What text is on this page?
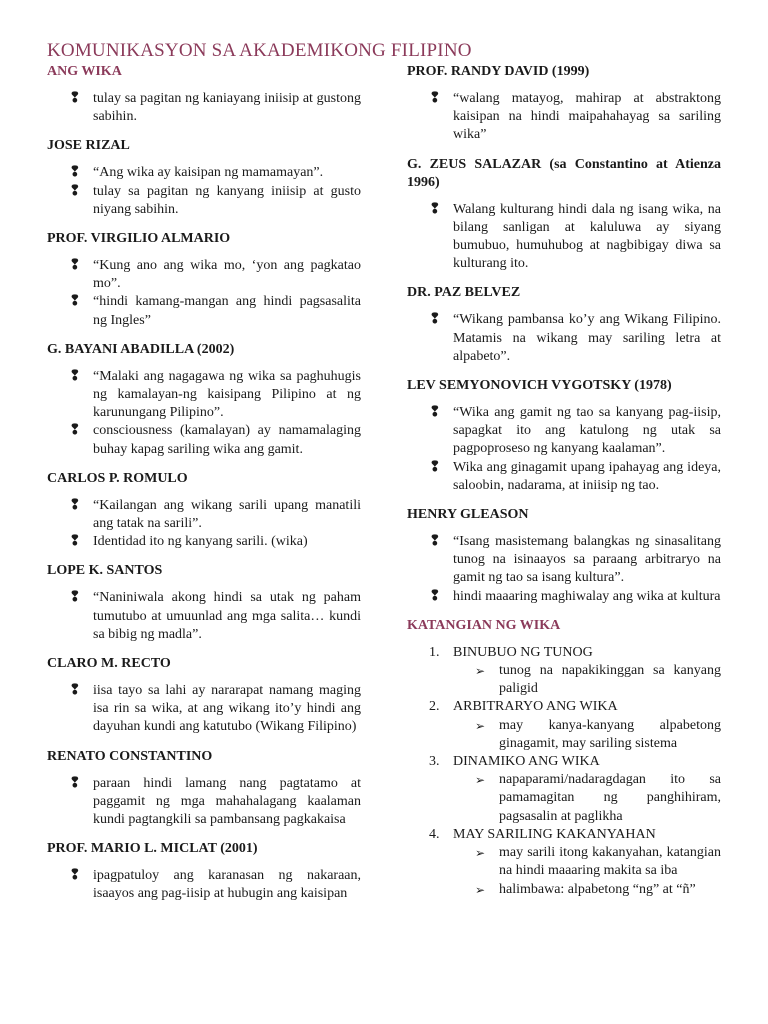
KOMUNIKASYON SA AKADEMIKONG FILIPINO
ANG WIKA
❢ tulay sa pagitan ng kaniayang iniisip at gustong sabihin.
JOSE RIZAL
❢ “Ang wika ay kaisipan ng mamamayan”.
❢ tulay sa pagitan ng kanyang iniisip at gusto niyang sabihin.
PROF. VIRGILIO ALMARIO
❢ “Kung ano ang wika mo, ‘yon ang pagkatao mo”.
❢ “hindi kamang-mangan ang hindi pagsasalita ng Ingles”
G. BAYANI ABADILLA (2002)
❢ “Malaki ang nagagawa ng wika sa paghuhugis ng kamalayan-ng kaisipang Pilipino at ng karunungang Pilipino”.
❢ consciousness (kamalayan) ay namamalaging buhay kapag sariling wika ang gamit.
CARLOS P. ROMULO
❢ “Kailangan ang wikang sarili upang manatili ang tatak na sarili”.
❢ Identidad ito ng kanyang sarili. (wika)
LOPE K. SANTOS
❢ “Naniniwala akong hindi sa utak ng paham tumutubo at umuunlad ang mga salita… kundi sa bibig ng madla”.
CLARO M. RECTO
❢ iisa tayo sa lahi ay nararapat namang maging isa rin sa wika, at ang wikang ito’y hindi ang dayuhan kundi ang katutubo (Wikang Filipino)
RENATO CONSTANTINO
❢ paraan hindi lamang nang pagtatamo at paggamit ng mga mahahalagang kaalaman kundi pagtangkili sa pambansang pagkakaisa
PROF. MARIO L. MICLAT (2001)
❢ ipagpatuloy ang karanasan ng nakaraan, isaayos ang pag-iisip at hubugin ang kaisipan
PROF. RANDY DAVID (1999)
❢ “walang matayog, mahirap at abstraktong kaisipan na hindi maipahahayag sa sariling wika”
G. ZEUS SALAZAR (sa Constantino at Atienza 1996)
❢ Walang kulturang hindi dala ng isang wika, na bilang sanligan at kaluluwa ay siyang bumubuo, humuhubog at nagbibigay diwa sa kulturang ito.
DR. PAZ BELVEZ
❢ “Wikang pambansa ko’y ang Wikang Filipino. Matamis na wikang may sariling letra at alpabeto”.
LEV SEMYONOVICH VYGOTSKY (1978)
❢ “Wika ang gamit ng tao sa kanyang pag-iisip, sapagkat ito ang katulong ng utak sa pagpoproseso ng kanyang kaalaman”.
❢ Wika ang ginagamit upang ipahayag ang ideya, saloobin, nadarama, at iniisip ng tao.
HENRY GLEASON
❢ “Isang masistemang balangkas ng sinasalitang tunog na isinaayos sa paraang arbitraryo na gamit ng tao sa isang kultura”.
❢ hindi maaaring maghiwalay ang wika at kultura
KATANGIAN NG WIKA
1. BINUBUO NG TUNOG
➢ tunog na napakikinggan sa kanyang paligid
2. ARBITRARYO ANG WIKA
➢ may kanya-kanyang alpabetong ginagamit, may sariling sistema
3. DINAMIKO ANG WIKA
➢ napaparami/nadaragdagan ito sa pamamagitan ng panghihiram, pagsasalin at paglikha
4. MAY SARILING KAKANYAHAN
➢ may sarili itong kakanyahan, katangian na hindi maaaring makita sa iba
➢ halimbawa: alpabetong “ng” at “ñ”
